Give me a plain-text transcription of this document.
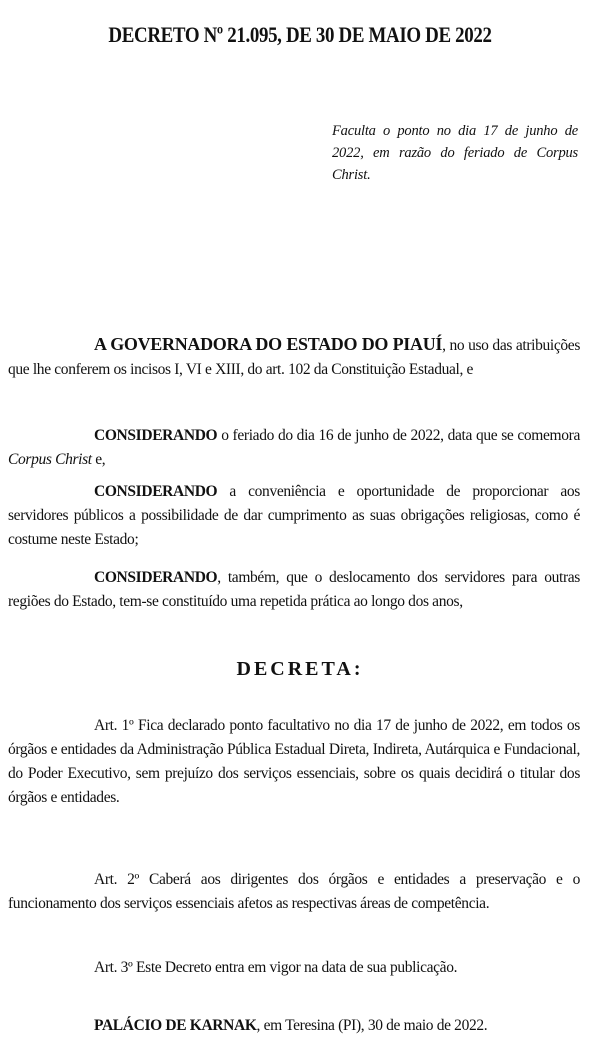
DECRETO Nº 21.095, DE 30 DE MAIO DE 2022
Faculta o ponto no dia 17 de junho de 2022, em razão do feriado de Corpus Christ.
A GOVERNADORA DO ESTADO DO PIAUÍ, no uso das atribuições que lhe conferem os incisos I, VI e XIII, do art. 102 da Constituição Estadual, e
CONSIDERANDO o feriado do dia 16 de junho de 2022, data que se comemora Corpus Christ e,
CONSIDERANDO a conveniência e oportunidade de proporcionar aos servidores públicos a possibilidade de dar cumprimento as suas obrigações religiosas, como é costume neste Estado;
CONSIDERANDO, também, que o deslocamento dos servidores para outras regiões do Estado, tem-se constituído uma repetida prática ao longo dos anos,
DECRETA:
Art. 1º Fica declarado ponto facultativo no dia 17 de junho de 2022, em todos os órgãos e entidades da Administração Pública Estadual Direta, Indireta, Autárquica e Fundacional, do Poder Executivo, sem prejuízo dos serviços essenciais, sobre os quais decidirá o titular dos órgãos e entidades.
Art. 2º Caberá aos dirigentes dos órgãos e entidades a preservação e o funcionamento dos serviços essenciais afetos as respectivas áreas de competência.
Art. 3º Este Decreto entra em vigor na data de sua publicação.
PALÁCIO DE KARNAK, em Teresina (PI), 30 de maio de 2022.
